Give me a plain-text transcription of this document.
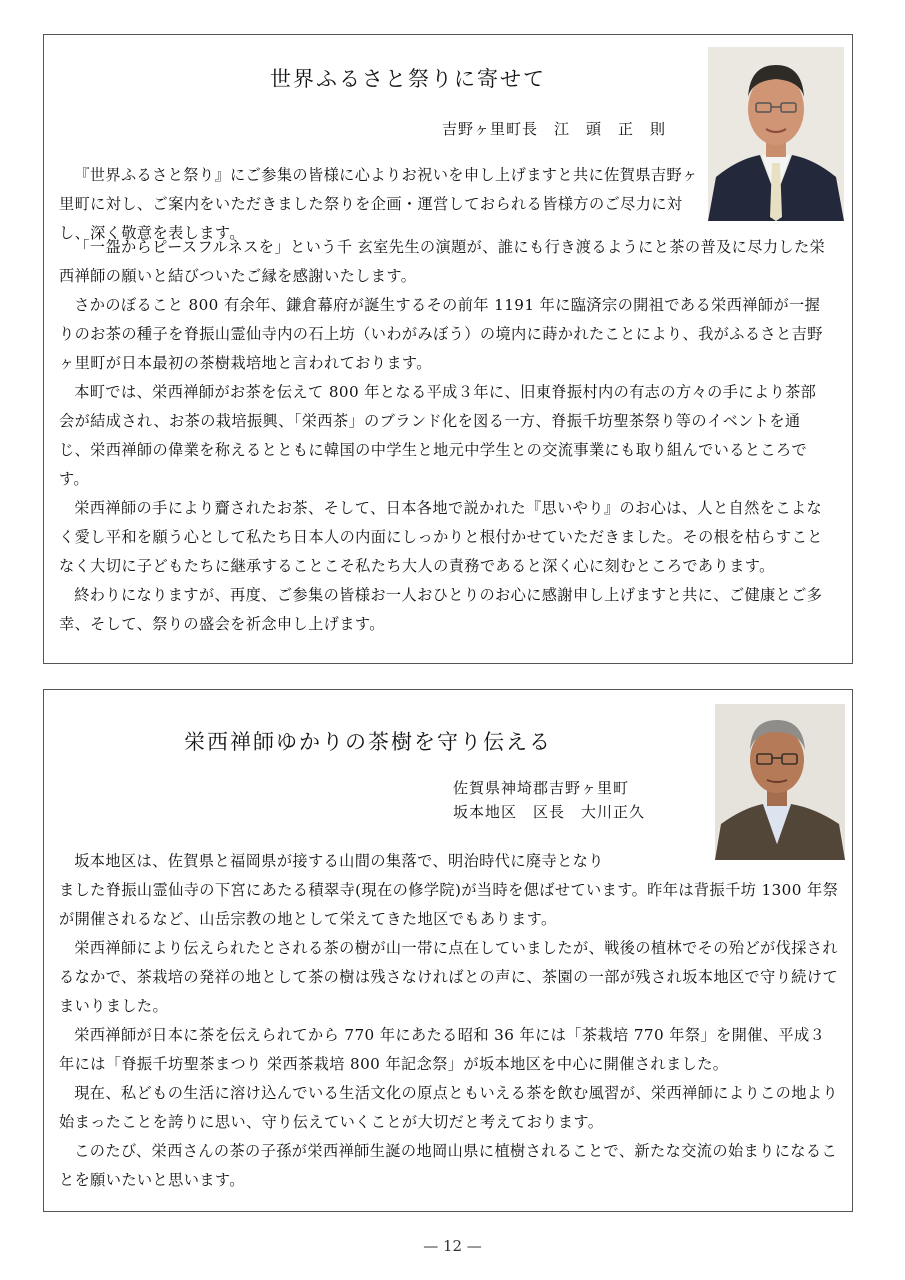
世界ふるさと祭りに寄せて
吉野ヶ里町長　江　頭　正　則

『世界ふるさと祭り』にご参集の皆様に心よりお祝いを申し上げますと共に佐賀県吉野ヶ里町に対し、ご案内をいただきました祭りを企画・運営しておられる皆様方のご尽力に対し、深く敬意を表します。

「一盌からピースフルネスを」という千 玄室先生の演題が、誰にも行き渡るようにと茶の普及に尽力した栄西禅師の願いと結びついたご縁を感謝いたします。

さかのぼること 800 有余年、鎌倉幕府が誕生するその前年 1191 年に臨済宗の開祖である栄西禅師が一握りのお茶の種子を脊振山霊仙寺内の石上坊（いわがみぼう）の境内に蒔かれたことにより、我がふるさと吉野ヶ里町が日本最初の茶樹栽培地と言われております。

本町では、栄西禅師がお茶を伝えて 800 年となる平成３年に、旧東脊振村内の有志の方々の手により茶部会が結成され、お茶の栽培振興、「栄西茶」のブランド化を図る一方、脊振千坊聖茶祭り等のイベントを通じ、栄西禅師の偉業を称えるとともに韓国の中学生と地元中学生との交流事業にも取り組んでいるところです。

栄西禅師の手により齎されたお茶、そして、日本各地で説かれた『思いやり』のお心は、人と自然をこよなく愛し平和を願う心として私たち日本人の内面にしっかりと根付かせていただきました。その根を枯らすことなく大切に子どもたちに継承することこそ私たち大人の責務であると深く心に刻むところであります。

終わりになりますが、再度、ご参集の皆様お一人おひとりのお心に感謝申し上げますと共に、ご健康とご多幸、そして、祭りの盛会を祈念申し上げます。

栄西禅師ゆかりの茶樹を守り伝える
佐賀県神埼郡吉野ヶ里町
坂本地区　区長　大川正久

坂本地区は、佐賀県と福岡県が接する山間の集落で、明治時代に廃寺となり

ました脊振山霊仙寺の下宮にあたる積翠寺(現在の修学院)が当時を偲ばせています。昨年は背振千坊 1300 年祭が開催されるなど、山岳宗教の地として栄えてきた地区でもあります。

栄西禅師により伝えられたとされる茶の樹が山一帯に点在していましたが、戦後の植林でその殆どが伐採されるなかで、茶栽培の発祥の地として茶の樹は残さなければとの声に、茶園の一部が残され坂本地区で守り続けてまいりました。

栄西禅師が日本に茶を伝えられてから 770 年にあたる昭和 36 年には「茶栽培 770 年祭」を開催、平成３年には「脊振千坊聖茶まつり 栄西茶栽培 800 年記念祭」が坂本地区を中心に開催されました。

現在、私どもの生活に溶け込んでいる生活文化の原点ともいえる茶を飲む風習が、栄西禅師によりこの地より始まったことを誇りに思い、守り伝えていくことが大切だと考えております。

このたび、栄西さんの茶の子孫が栄西禅師生誕の地岡山県に植樹されることで、新たな交流の始まりになることを願いたいと思います。

— 12 —
